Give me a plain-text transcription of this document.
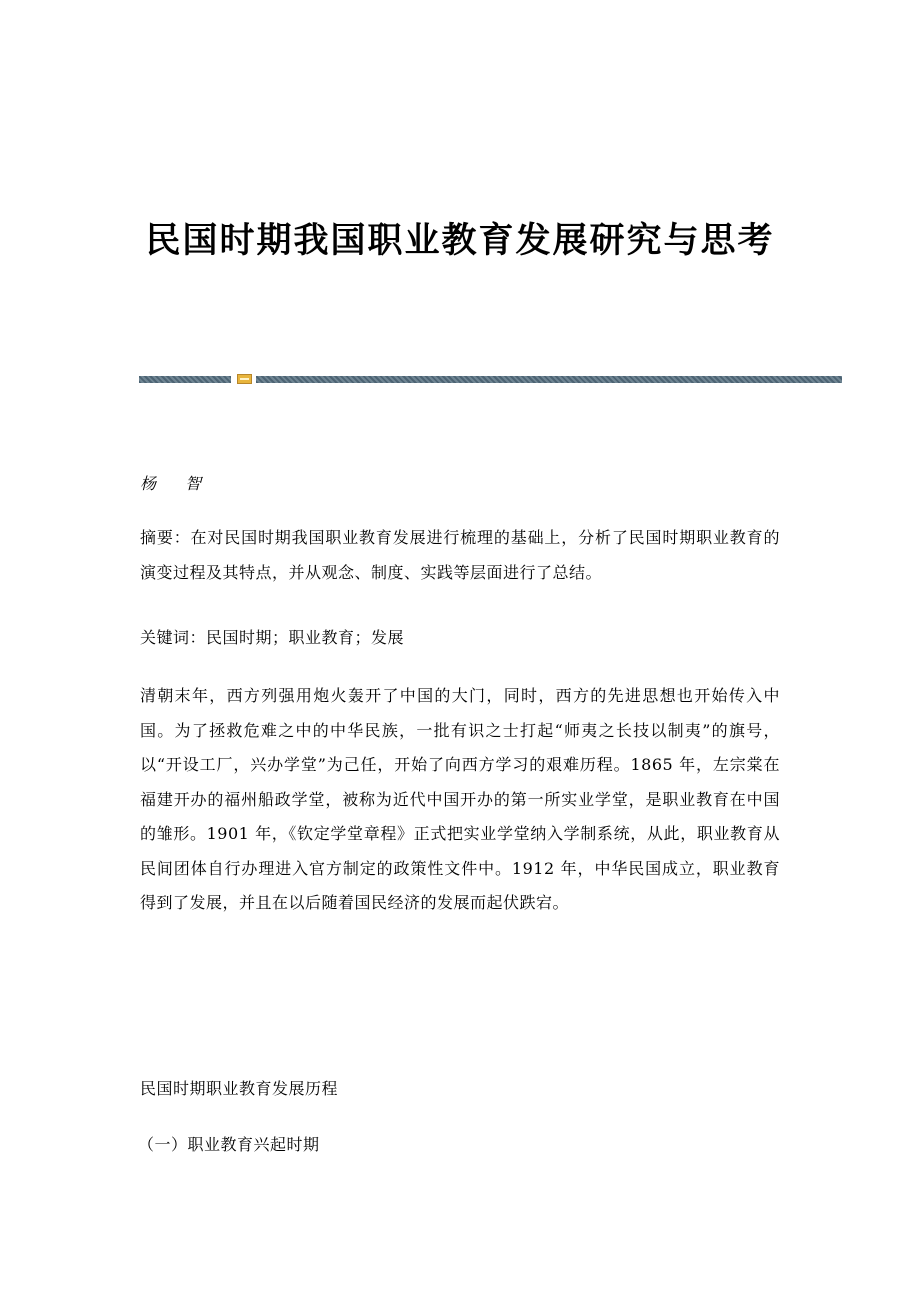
民国时期我国职业教育发展研究与思考
杨 智
摘要：在对民国时期我国职业教育发展进行梳理的基础上，分析了民国时期职业教育的演变过程及其特点，并从观念、制度、实践等层面进行了总结。
关键词：民国时期；职业教育；发展
清朝末年，西方列强用炮火轰开了中国的大门，同时，西方的先进思想也开始传入中国。为了拯救危难之中的中华民族，一批有识之士打起“师夷之长技以制夷”的旗号，以“开设工厂，兴办学堂”为己任，开始了向西方学习的艰难历程。1865 年，左宗棠在福建开办的福州船政学堂，被称为近代中国开办的第一所实业学堂，是职业教育在中国的雏形。1901 年，《钦定学堂章程》正式把实业学堂纳入学制系统，从此，职业教育从民间团体自行办理进入官方制定的政策性文件中。1912 年，中华民国成立，职业教育得到了发展，并且在以后随着国民经济的发展而起伏跌宕。
民国时期职业教育发展历程
（一）职业教育兴起时期
